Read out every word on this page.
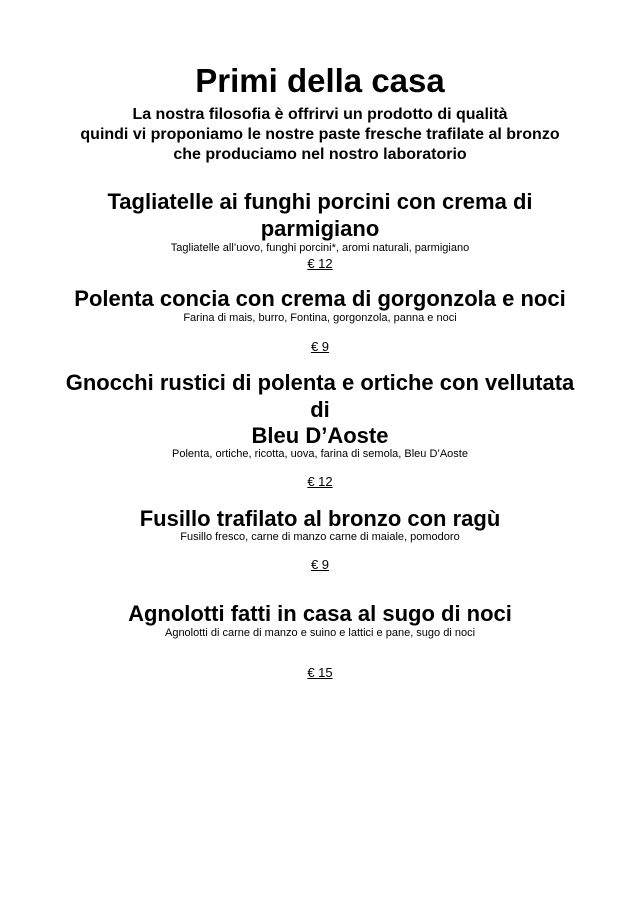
Primi della casa
La nostra filosofia è offrirvi un prodotto di qualità
quindi vi proponiamo le nostre paste fresche trafilate al bronzo
che produciamo nel nostro laboratorio
Tagliatelle ai funghi porcini con crema di
parmigiano
Tagliatelle all’uovo, funghi porcini*, aromi naturali, parmigiano
€ 12
Polenta concia con crema di gorgonzola e noci
Farina di mais, burro, Fontina, gorgonzola, panna e noci
€ 9
Gnocchi rustici di polenta e ortiche con vellutata
di
Bleu D’Aoste
Polenta, ortiche, ricotta, uova, farina di semola, Bleu D’Aoste
€ 12
Fusillo trafilato al bronzo con ragù
Fusillo fresco, carne di manzo carne di maiale, pomodoro
€ 9
Agnolotti fatti in casa al sugo di noci
Agnolotti di carne di manzo e suino e lattici e pane, sugo di noci
€ 15
